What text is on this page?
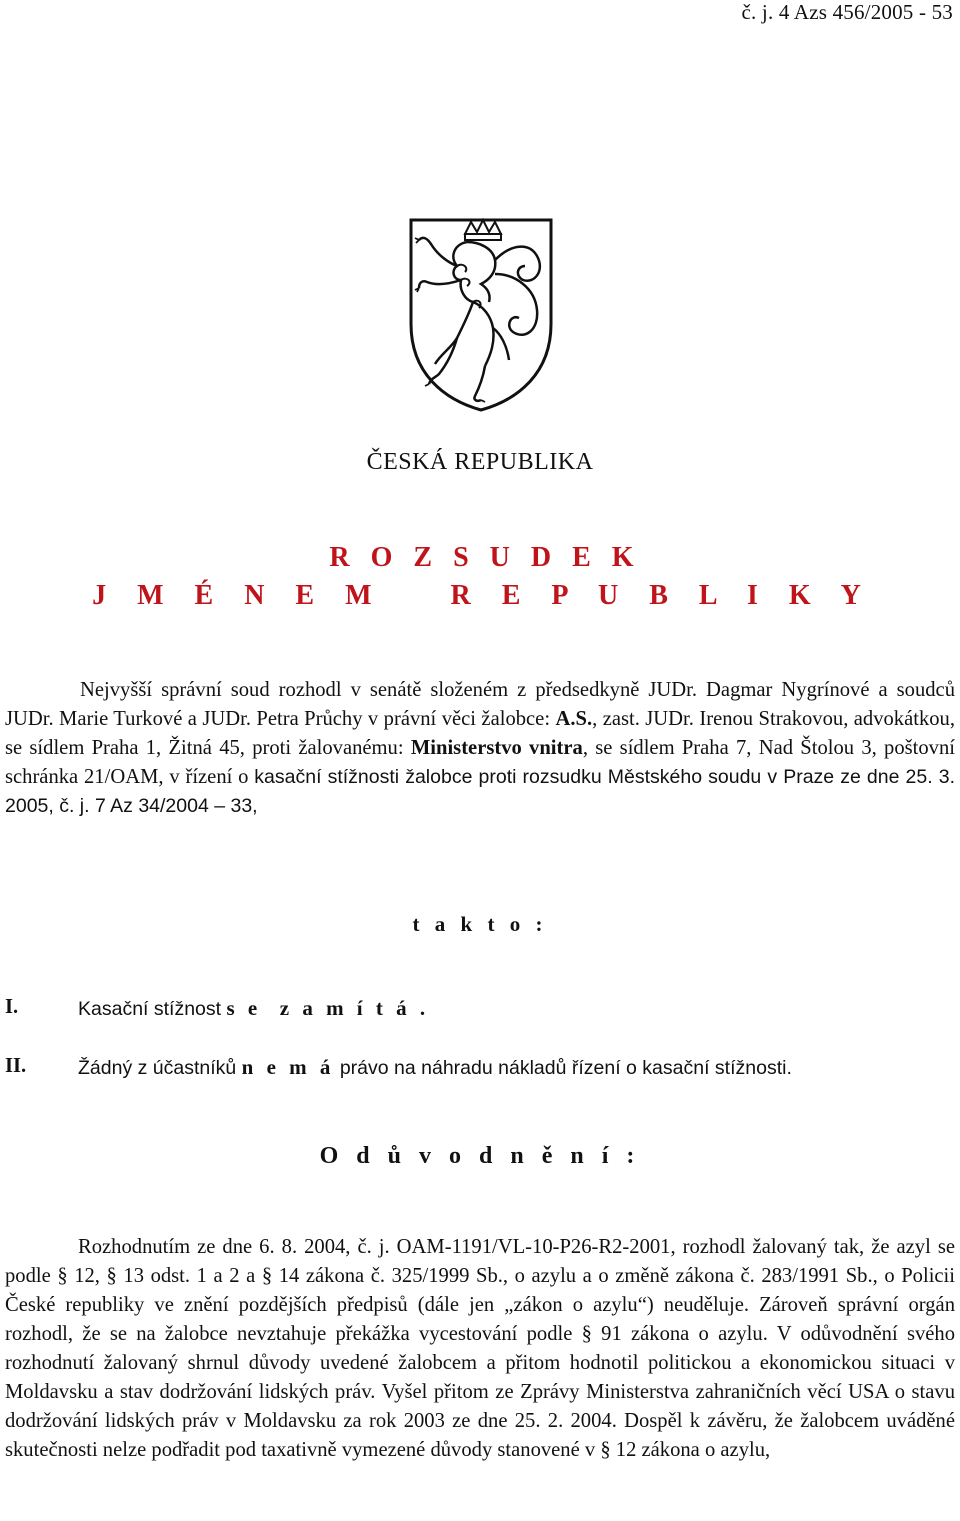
č. j. 4 Azs 456/2005 - 53
ČESKÁ REPUBLIKA
R O Z S U D E K
J M É N E M   R E P U B L I K Y

Nejvyšší správní soud rozhodl v senátě složeném z předsedkyně JUDr. Dagmar Nygrínové a soudců JUDr. Marie Turkové a JUDr. Petra Průchy v právní věci žalobce: A.S., zast. JUDr. Irenou Strakovou, advokátkou, se sídlem Praha 1, Žitná 45, proti žalovanému: Ministerstvo vnitra, se sídlem Praha 7, Nad Štolou 3, poštovní schránka 21/OAM, v řízení o kasační stížnosti žalobce proti rozsudku Městského soudu v Praze ze dne 25. 3. 2005, č. j. 7 Az 34/2004 – 33,

t a k t o :
I.	Kasační stížnost s e  z a m í t á .
II.	Žádný z účastníků n e m á právo na náhradu nákladů řízení o kasační stížnosti.
O d ů v o d n ě n í :

Rozhodnutím ze dne 6. 8. 2004, č. j. OAM-1191/VL-10-P26-R2-2001, rozhodl žalovaný tak, že azyl se podle § 12, § 13 odst. 1 a 2 a § 14 zákona č. 325/1999 Sb., o azylu a o změně zákona č. 283/1991 Sb., o Policii České republiky ve znění pozdějších předpisů (dále jen „zákon o azylu“) neuděluje. Zároveň správní orgán rozhodl, že se na žalobce nevztahuje překážka vycestování podle § 91 zákona o azylu. V odůvodnění svého rozhodnutí žalovaný shrnul důvody uvedené žalobcem a přitom hodnotil politickou a ekonomickou situaci v Moldavsku a stav dodržování lidských práv. Vyšel přitom ze Zprávy Ministerstva zahraničních věcí USA o stavu dodržování lidských práv v Moldavsku za rok 2003 ze dne 25. 2. 2004. Dospěl k závěru, že žalobcem uváděné skutečnosti nelze podřadit pod taxativně vymezené důvody stanovené v § 12 zákona o azylu,
